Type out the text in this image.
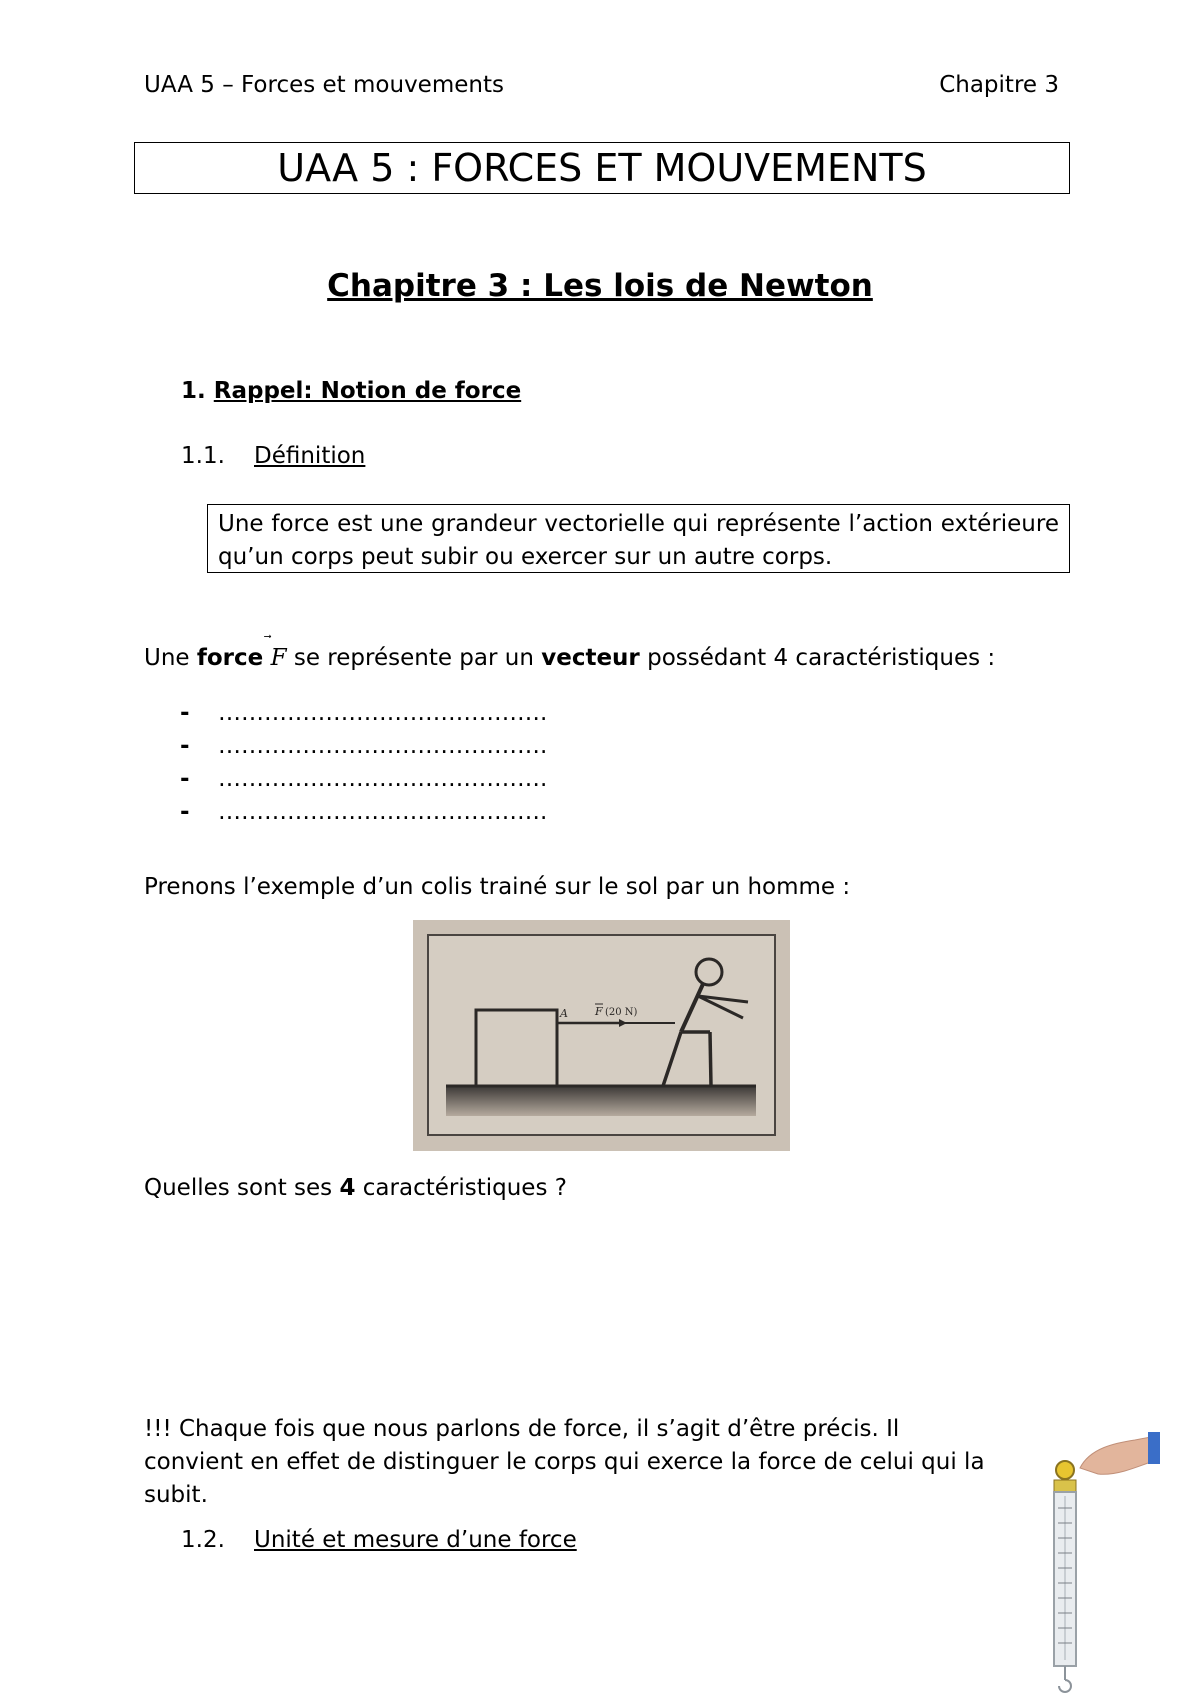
UAA 5 – Forces et mouvements	Chapitre 3
UAA 5 : FORCES ET MOUVEMENTS
Chapitre 3 : Les lois de Newton
1. Rappel: Notion de force
1.1. Définition
Une force est une grandeur vectorielle qui représente l’action extérieure qu’un corps peut subir ou exercer sur un autre corps.
Une force F se représente par un vecteur possédant 4 caractéristiques :
- …………………………………….
- …………………………………….
- …………………………………….
- …………………………………….
Prenons l’exemple d’un colis trainé sur le sol par un homme :
A F (20 N)
Quelles sont ses 4 caractéristiques ?
!!! Chaque fois que nous parlons de force, il s’agit d’être précis. Il convient en effet de distinguer le corps qui exerce la force de celui qui la subit.
1.2. Unité et mesure d’une force
